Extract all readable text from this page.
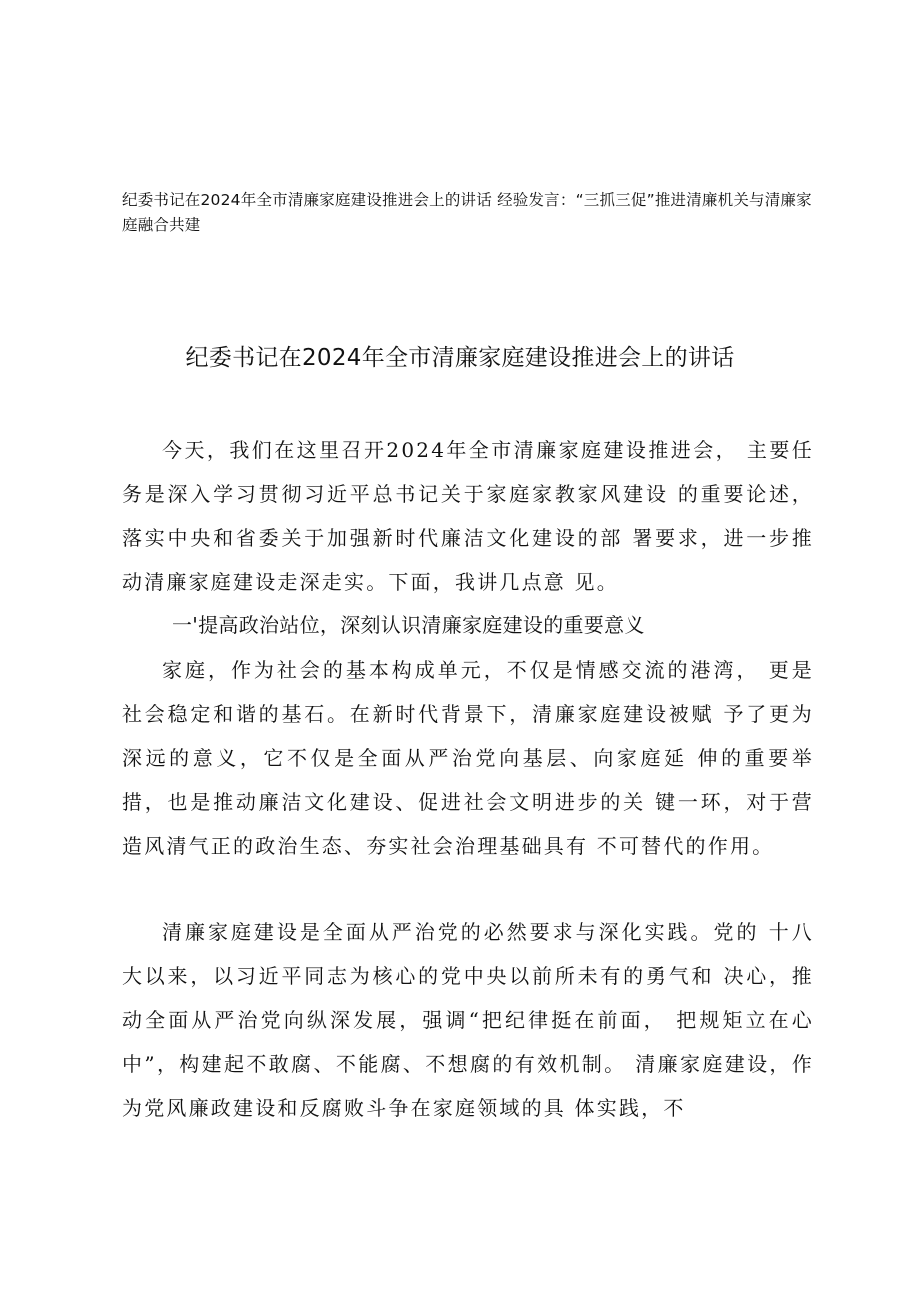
纪委书记在2024年全市清廉家庭建设推进会上的讲话 经验发言：“三抓三促”推进清廉机关与清廉家庭融合共建
纪委书记在2024年全市清廉家庭建设推进会上的讲话

今天，我们在这里召开2024年全市清廉家庭建设推进会， 主要任务是深入学习贯彻习近平总书记关于家庭家教家风建设 的重要论述，落实中央和省委关于加强新时代廉洁文化建设的部 署要求，进一步推动清廉家庭建设走深走实。下面，我讲几点意 见。

一'提高政治站位，深刻认识清廉家庭建设的重要意义

家庭，作为社会的基本构成单元，不仅是情感交流的港湾， 更是社会稳定和谐的基石。在新时代背景下，清廉家庭建设被赋 予了更为深远的意义，它不仅是全面从严治党向基层、向家庭延 伸的重要举措，也是推动廉洁文化建设、促进社会文明进步的关 键一环，对于营造风清气正的政治生态、夯实社会治理基础具有 不可替代的作用。

清廉家庭建设是全面从严治党的必然要求与深化实践。党的 十八大以来，以习近平同志为核心的党中央以前所未有的勇气和 决心，推动全面从严治党向纵深发展，强调“把纪律挺在前面， 把规矩立在心中”，构建起不敢腐、不能腐、不想腐的有效机制。 清廉家庭建设，作为党风廉政建设和反腐败斗争在家庭领域的具 体实践，不
